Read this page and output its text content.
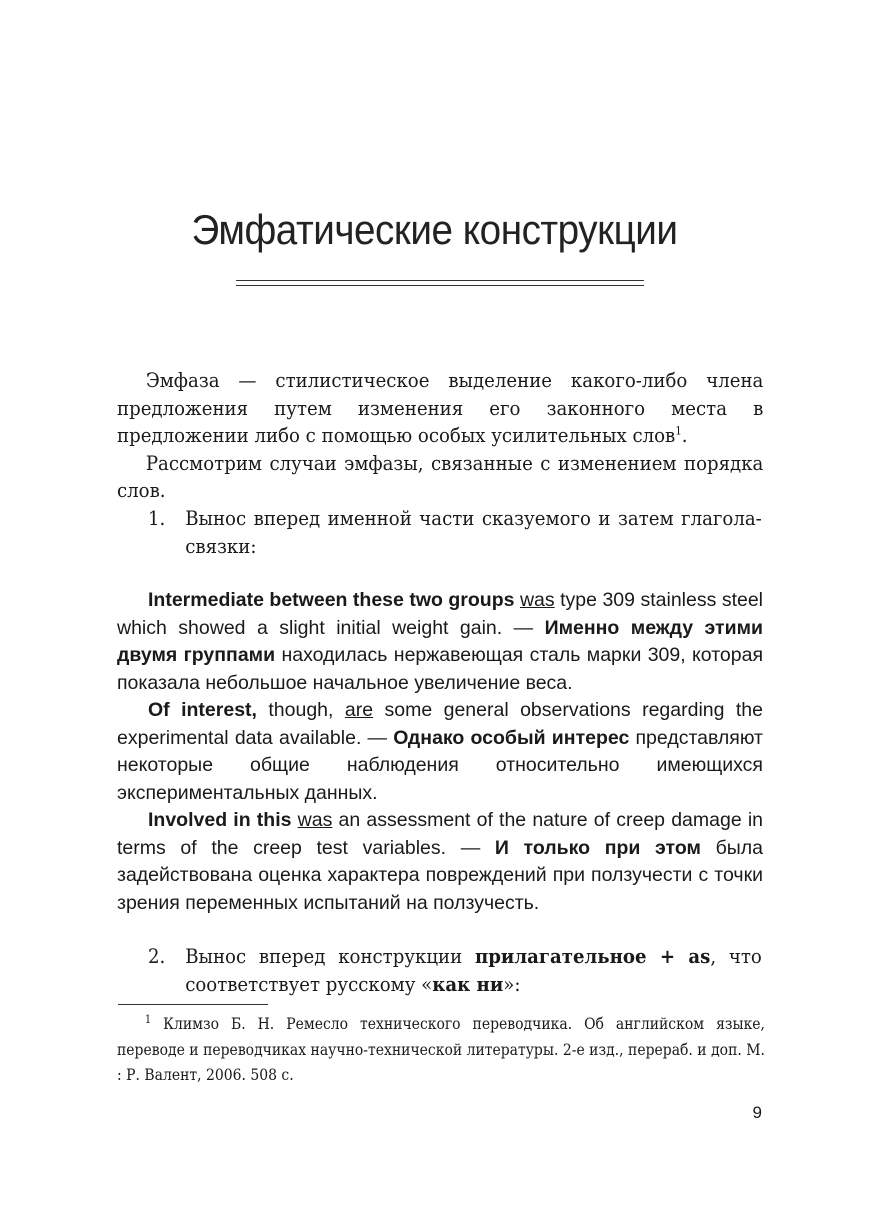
Эмфатические конструкции

Эмфаза — стилистическое выделение какого-либо члена предложения путем изменения его законного места в предложении либо с помощью особых усилительных слов$^1$.

Рассмотрим случаи эмфазы, связанные с изменением порядка слов.

1. Вынос вперед именной части сказуемого и затем глагола-связки:

Intermediate between these two groups was type 309 stainless steel which showed a slight initial weight gain. — Именно между этими двумя группами находилась нержавеющая сталь марки 309, которая показала небольшое начальное увеличение веса.

Of interest, though, are some general observations regarding the experimental data available. — Однако особый интерес представляют некоторые общие наблюдения относительно имеющихся экспериментальных данных.

Involved in this was an assessment of the nature of creep damage in terms of the creep test variables. — И только при этом была задействована оценка характера повреждений при ползучести с точки зрения переменных испытаний на ползучесть.

2. Вынос вперед конструкции прилагательное + as, что соответствует русскому «как ни»:

$^1$ Климзо Б. Н. Ремесло технического переводчика. Об английском языке, переводе и переводчиках научно-технической литературы. 2-е изд., перераб. и доп. М. : Р. Валент, 2006. 508 с.

9
